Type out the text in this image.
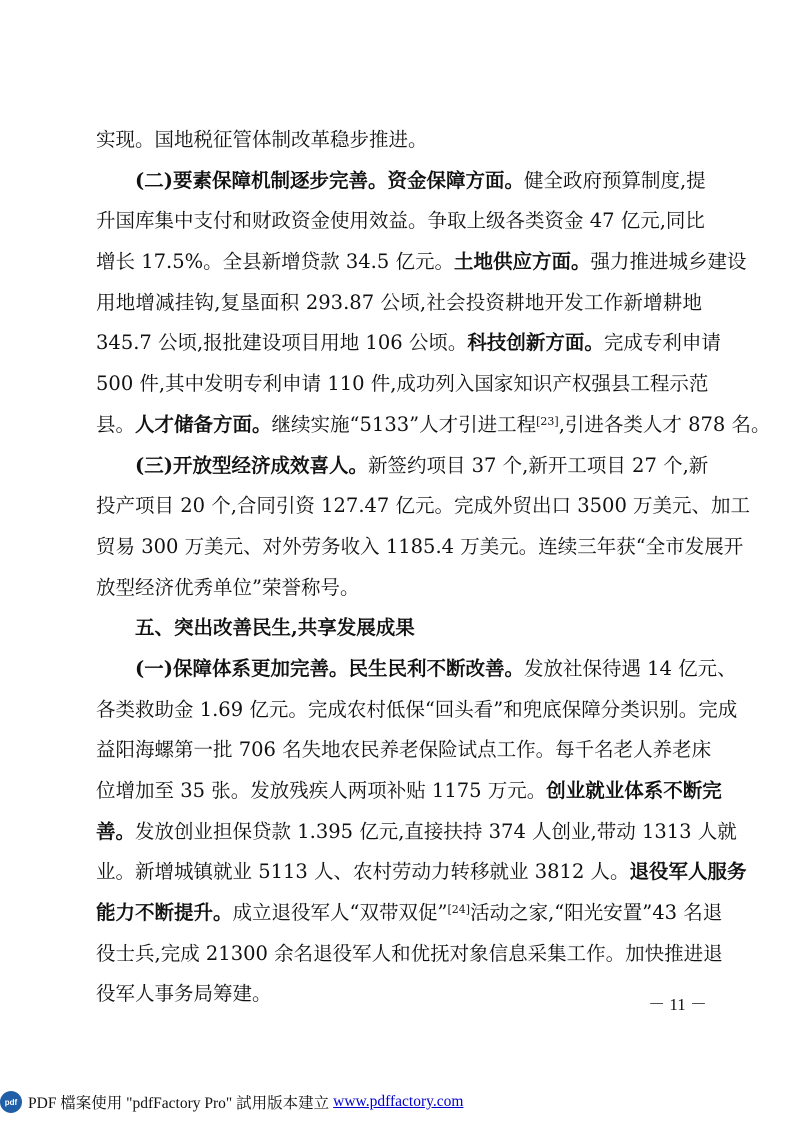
实现。国地税征管体制改革稳步推进。
(二)要素保障机制逐步完善。资金保障方面。健全政府预算制度,提
升国库集中支付和财政资金使用效益。争取上级各类资金 47 亿元,同比
增长 17.5%。全县新增贷款 34.5 亿元。土地供应方面。强力推进城乡建设
用地增减挂钩,复垦面积 293.87 公顷,社会投资耕地开发工作新增耕地
345.7 公顷,报批建设项目用地 106 公顷。科技创新方面。完成专利申请
500 件,其中发明专利申请 110 件,成功列入国家知识产权强县工程示范
县。人才储备方面。继续实施“5133”人才引进工程[23],引进各类人才 878 名。
(三)开放型经济成效喜人。新签约项目 37 个,新开工项目 27 个,新
投产项目 20 个,合同引资 127.47 亿元。完成外贸出口 3500 万美元、加工
贸易 300 万美元、对外劳务收入 1185.4 万美元。连续三年获“全市发展开
放型经济优秀单位”荣誉称号。
五、突出改善民生,共享发展成果
(一)保障体系更加完善。民生民利不断改善。发放社保待遇 14 亿元、
各类救助金 1.69 亿元。完成农村低保“回头看”和兜底保障分类识别。完成
益阳海螺第一批 706 名失地农民养老保险试点工作。每千名老人养老床
位增加至 35 张。发放残疾人两项补贴 1175 万元。创业就业体系不断完
善。发放创业担保贷款 1.395 亿元,直接扶持 374 人创业,带动 1313 人就
业。新增城镇就业 5113 人、农村劳动力转移就业 3812 人。退役军人服务
能力不断提升。成立退役军人“双带双促”[24]活动之家,“阳光安置”43 名退
役士兵,完成 21300 余名退役军人和优抚对象信息采集工作。加快推进退
役军人事务局筹建。	－ 11 －
pdf PDF 檔案使用 "pdfFactory Pro" 試用版本建立 www.pdffactory.com
